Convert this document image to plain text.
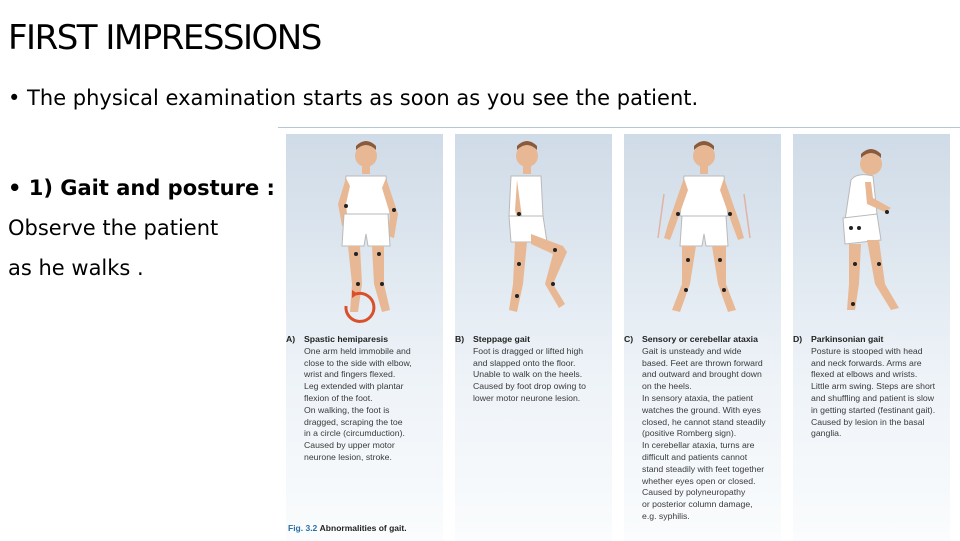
FIRST IMPRESSIONS
• The physical examination starts as soon as you see the patient.
• 1) Gait and posture :
Observe the patient
as he walks .
A) Spastic hemiparesis
One arm held immobile and
close to the side with elbow,
wrist and fingers flexed.
Leg extended with plantar
flexion of the foot.
On walking, the foot is
dragged, scraping the toe
in a circle (circumduction).
Caused by upper motor
neurone lesion, stroke.
B) Steppage gait
Foot is dragged or lifted high
and slapped onto the floor.
Unable to walk on the heels.
Caused by foot drop owing to
lower motor neurone lesion.
C) Sensory or cerebellar ataxia
Gait is unsteady and wide
based. Feet are thrown forward
and outward and brought down
on the heels.
In sensory ataxia, the patient
watches the ground. With eyes
closed, he cannot stand steadily
(positive Romberg sign).
In cerebellar ataxia, turns are
difficult and patients cannot
stand steadily with feet together
whether eyes open or closed.
Caused by polyneuropathy
or posterior column damage,
e.g. syphilis.
D) Parkinsonian gait
Posture is stooped with head
and neck forwards. Arms are
flexed at elbows and wrists.
Little arm swing. Steps are short
and shuffling and patient is slow
in getting started (festinant gait).
Caused by lesion in the basal
ganglia.
Fig. 3.2 Abnormalities of gait.
